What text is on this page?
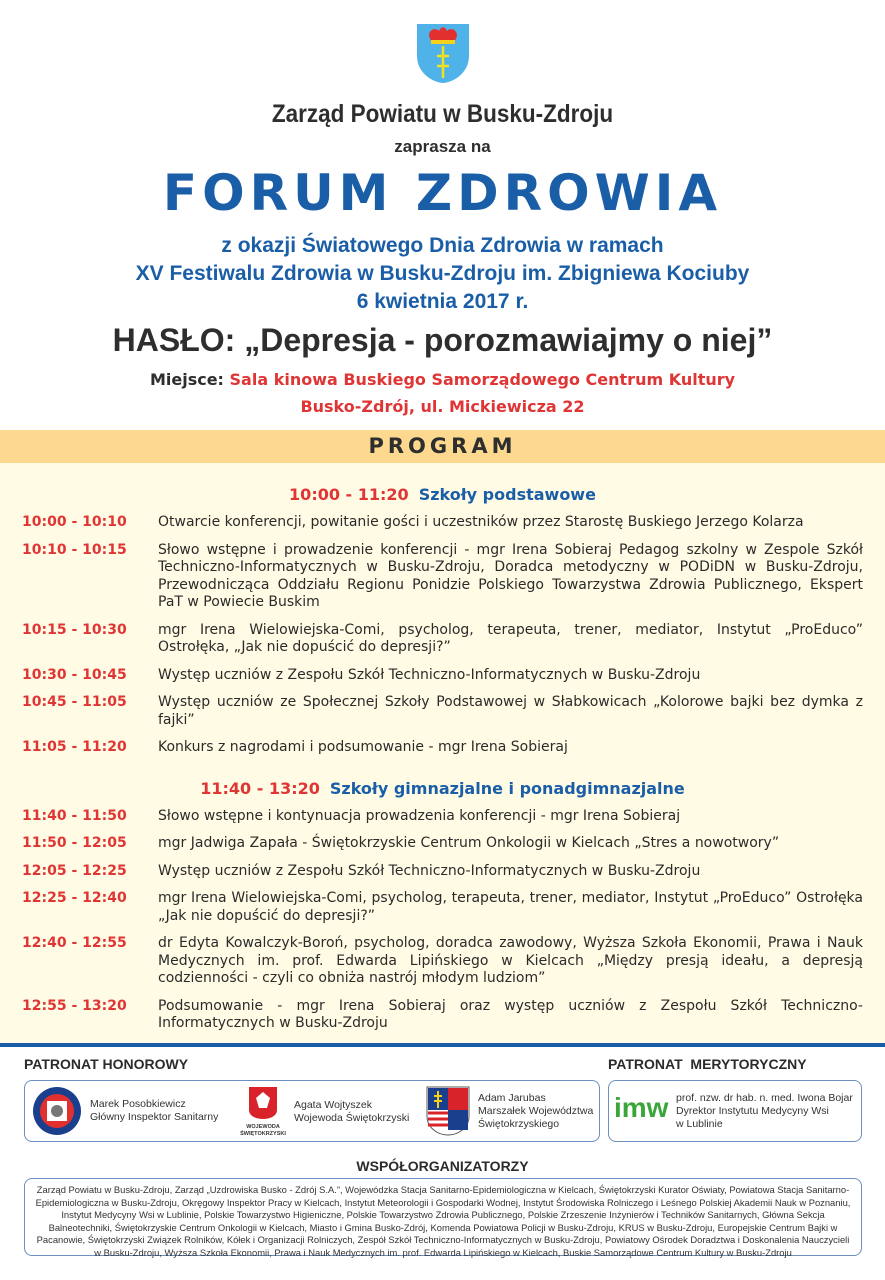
Zarząd Powiatu w Busku-Zdroju
zaprasza na
FORUM ZDROWIA
z okazji Światowego Dnia Zdrowia w ramach
XV Festiwalu Zdrowia w Busku-Zdroju im. Zbigniewa Kociuby
6 kwietnia 2017 r.
HASŁO: „Depresja - porozmawiajmy o niej”
Miejsce: Sala kinowa Buskiego Samorządowego Centrum Kultury
Busko-Zdrój, ul. Mickiewicza 22
PROGRAM
10:00 - 11:20 Szkoły podstawowe
10:00 - 10:10	Otwarcie konferencji, powitanie gości i uczestników przez Starostę Buskiego Jerzego Kolarza
10:10 - 10:15	Słowo wstępne i prowadzenie konferencji - mgr Irena Sobieraj Pedagog szkolny w Zespole Szkół Techniczno-Informatycznych w Busku-Zdroju, Doradca metodyczny w PODiDN w Busku-Zdroju, Przewodnicząca Oddziału Regionu Ponidzie Polskiego Towarzystwa Zdrowia Publicznego, Ekspert PaT w Powiecie Buskim
10:15 - 10:30	mgr Irena Wielowiejska-Comi, psycholog, terapeuta, trener, mediator, Instytut „ProEduco” Ostrołęka, „Jak nie dopuścić do depresji?”
10:30 - 10:45	Występ uczniów z Zespołu Szkół Techniczno-Informatycznych w Busku-Zdroju
10:45 - 11:05	Występ uczniów ze Społecznej Szkoły Podstawowej w Słabkowicach „Kolorowe bajki bez dymka z fajki”
11:05 - 11:20	Konkurs z nagrodami i podsumowanie - mgr Irena Sobieraj
11:40 - 13:20 Szkoły gimnazjalne i ponadgimnazjalne
11:40 - 11:50	Słowo wstępne i kontynuacja prowadzenia konferencji - mgr Irena Sobieraj
11:50 - 12:05	mgr Jadwiga Zapała - Świętokrzyskie Centrum Onkologii w Kielcach „Stres a nowotwory”
12:05 - 12:25	Występ uczniów z Zespołu Szkół Techniczno-Informatycznych w Busku-Zdroju
12:25 - 12:40	mgr Irena Wielowiejska-Comi, psycholog, terapeuta, trener, mediator, Instytut „ProEduco” Ostrołęka „Jak nie dopuścić do depresji?”
12:40 - 12:55	dr Edyta Kowalczyk-Boroń, psycholog, doradca zawodowy, Wyższa Szkoła Ekonomii, Prawa i Nauk Medycznych im. prof. Edwarda Lipińskiego w Kielcach „Między presją ideału, a depresją codzienności - czyli co obniża nastrój młodym ludziom”
12:55 - 13:20	Podsumowanie - mgr Irena Sobieraj oraz występ uczniów z Zespołu Szkół Techniczno-Informatycznych w Busku-Zdroju
PATRONAT HONOROWY	PATRONAT  MERYTORYCZNY
Marek Posobkiewicz
Główny Inspektor Sanitarny
WOJEWODA ŚWIĘTOKRZYSKI
Agata Wojtyszek
Wojewoda Świętokrzyski
Adam Jarubas
Marszałek Województwa
Świętokrzyskiego
imw prof. nzw. dr hab. n. med. Iwona Bojar
Dyrektor Instytutu Medycyny Wsi
w Lublinie
WSPÓŁORGANIZATORZY
Zarząd Powiatu w Busku-Zdroju, Zarząd „Uzdrowiska Busko - Zdrój S.A.”, Wojewódzka Stacja Sanitarno-Epidemiologiczna w Kielcach, Świętokrzyski Kurator Oświaty, Powiatowa Stacja Sanitarno-Epidemiologiczna w Busku-Zdroju, Okręgowy Inspektor Pracy w Kielcach, Instytut Meteorologii i Gospodarki Wodnej, Instytut Środowiska Rolniczego i Leśnego Polskiej Akademii Nauk w Poznaniu, Instytut Medycyny Wsi w Lublinie, Polskie Towarzystwo Higieniczne, Polskie Towarzystwo Zdrowia Publicznego, Polskie Zrzeszenie Inżynierów i Techników Sanitarnych, Główna Sekcja Balneotechniki, Świętokrzyskie Centrum Onkologii w Kielcach, Miasto i Gmina Busko-Zdrój, Komenda Powiatowa Policji w Busku-Zdroju, KRUS w Busku-Zdroju, Europejskie Centrum Bajki w Pacanowie, Świętokrzyski Związek Rolników, Kółek i Organizacji Rolniczych, Zespół Szkół Techniczno-Informatycznych w Busku-Zdroju, Powiatowy Ośrodek Doradztwa i Doskonalenia Nauczycieli w Busku-Zdroju, Wyższa Szkoła Ekonomii, Prawa i Nauk Medycznych im. prof. Edwarda Lipińskiego w Kielcach, Buskie Samorządowe Centrum Kultury w Busku-Zdroju
